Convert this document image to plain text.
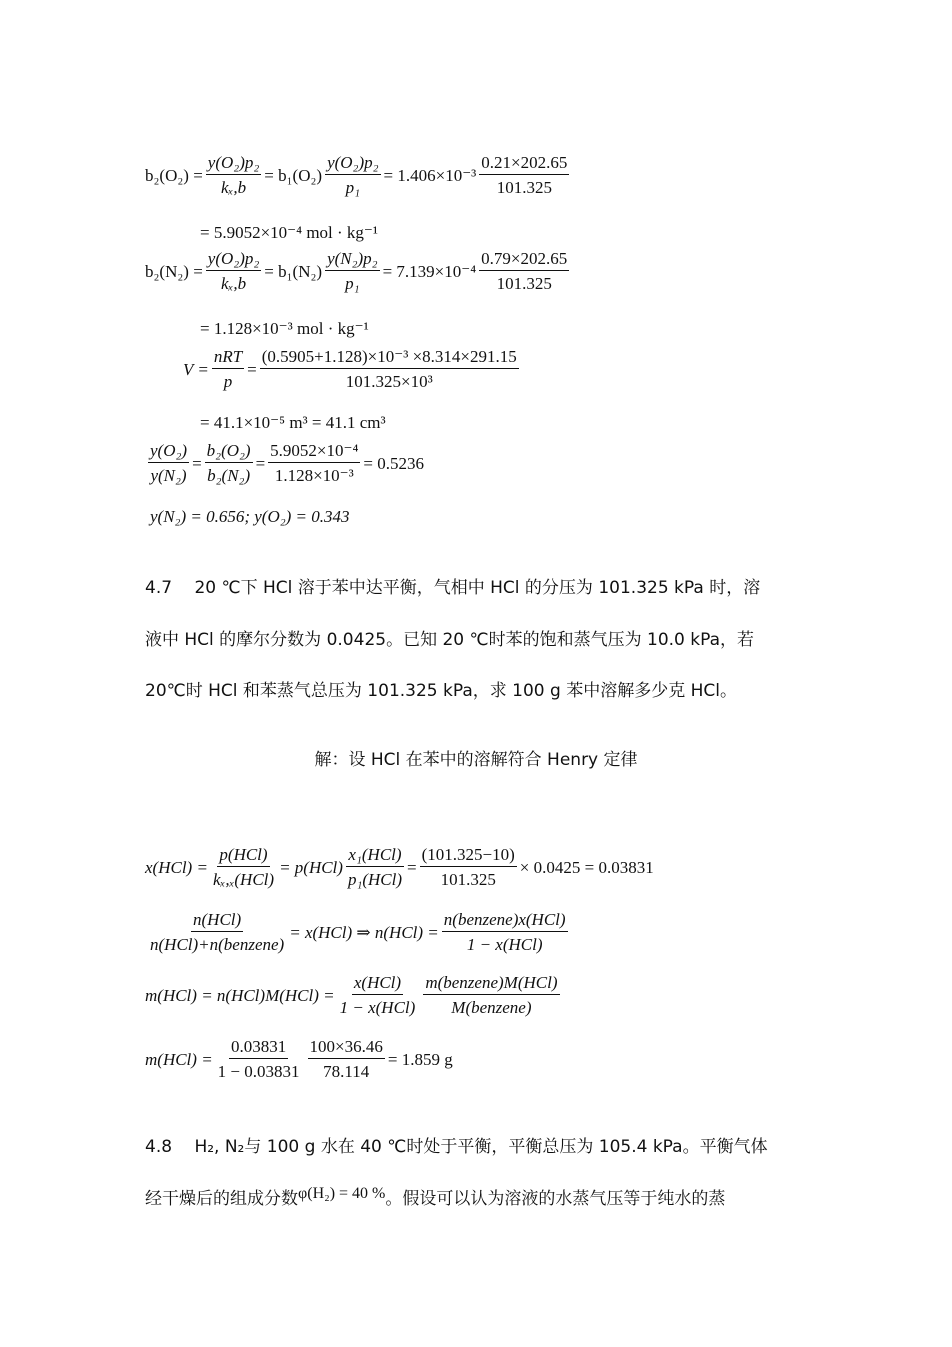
$b_2(O_2) = \frac{\text{y(O₂)p₂}}{\text{kₓ,b}} = b_1(O_2) \frac{\text{y(O₂)p₂}}{\text{p₁}} = 1.406\times 10^{-3} \frac{0.21\times 202.65}{101.325}$
= 5.9052×10⁻⁴ mol · kg⁻¹
$b_2(N_2) = \frac{\text{y(O₂)p₂}}{\text{kₓ,b}} = b_1(N_2) \frac{\text{y(N₂)p₂}}{\text{p₁}} = 7.139\times 10^{-4} \frac{0.79\times 202.65}{101.325}$
= 1.128×10⁻³ mol · kg⁻¹
$V = \frac{\text{nRT}}{p} = \frac{\text{(0.5905+1.128)×10⁻³ ×8.314×291.15}}{\text{101.325×10³}}$
= 41.1×10⁻⁵ m³ = 41.1 cm³
$\frac{\text{y(O₂)}}{\text{y(N₂)}} = \frac{\text{b₂(O₂)}}{\text{b₂(N₂)}} = \frac{\text{5.9052×10⁻⁴}}{\text{1.128×10⁻³}} = 0.5236$
y(N₂) = 0.656; y(O₂) = 0.343
4.7　 20 ℃下 HCl 溶于苯中达平衡，气相中 HCl 的分压为 101.325 kPa 时，溶
液中 HCl 的摩尔分数为 0.0425。已知 20 ℃时苯的饱和蒸气压为 10.0 kPa，若
20℃时 HCl 和苯蒸气总压为 101.325 kPa，求 100 g 苯中溶解多少克 HCl。
解：设 HCl 在苯中的溶解符合 Henry 定律
$x(HCl) = \frac{\text{p(HCl)}}{\text{kₓ,ₓ(HCl)}} = p(HCl) \frac{\text{x₁(HCl)}}{\text{p₁(HCl)}} = \frac{(101.325-10)}{101.325} \times 0.0425 = 0.03831$
$\frac{\text{n(HCl)}}{\text{n(HCl)+n(benzene)}} = x(HCl)$ ⇒ $n(HCl) = \frac{\text{n(benzene)x(HCl)}}{\text{1 − x(HCl)}}$
$m(HCl) = n(HCl)M(HCl) = \frac{\text{x(HCl)}}{\text{1 − x(HCl)}} \frac{\text{m(benzene)M(HCl)}}{\text{M(benzene)}}$
$m(HCl) = \frac{0.03831}{1 - 0.03831} \frac{100\times 36.46}{78.114} = 1.859$ g
4.8　 H₂, N₂与 100 g 水在 40 ℃时处于平衡，平衡总压为 105.4 kPa。平衡气体
经干燥后的组成分数φ(H₂) = 40 %。假设可以认为溶液的水蒸气压等于纯水的蒸
